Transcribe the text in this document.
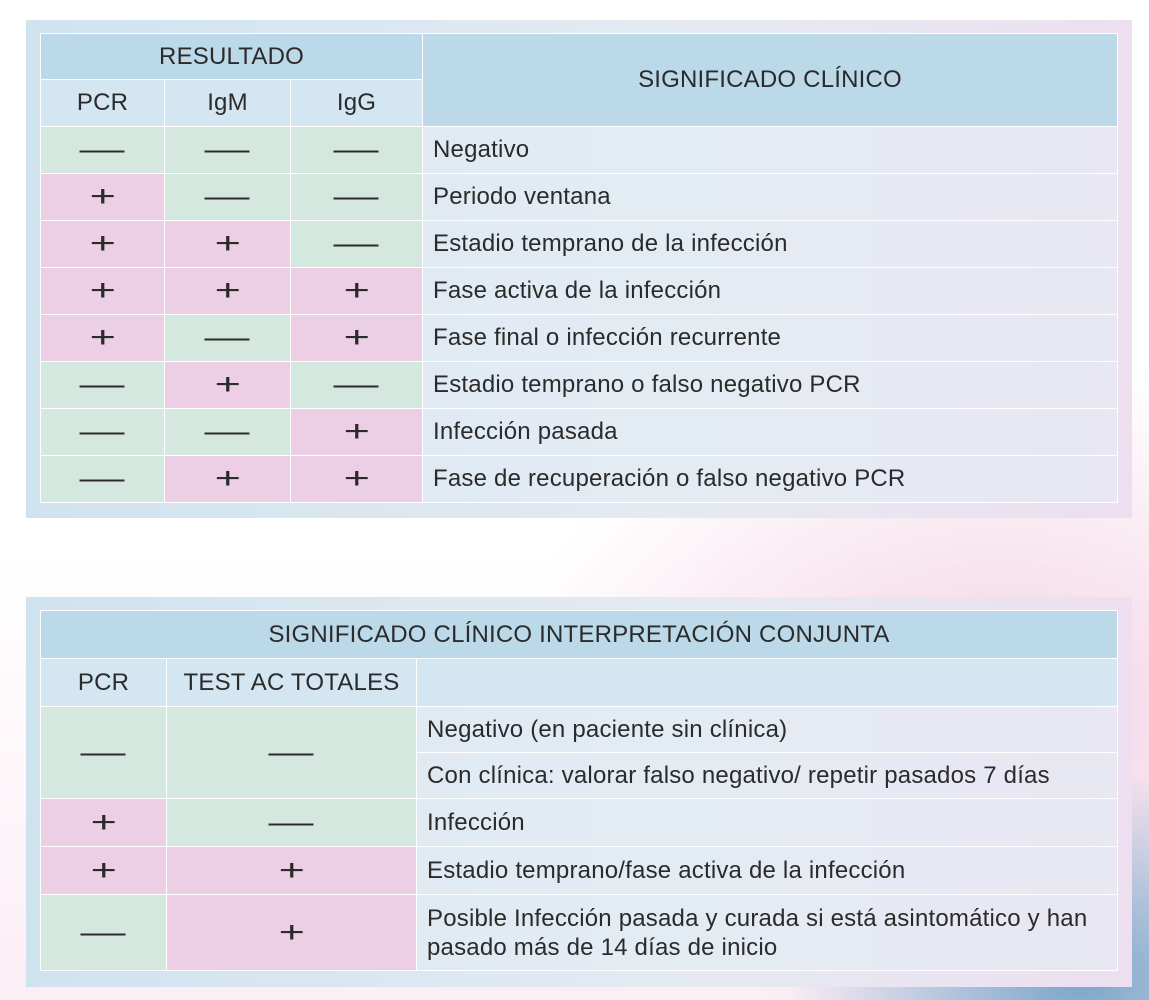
RESULTADO			SIGNIFICADO CLÍNICO
PCR	IgM	IgG	
—	—	—	Negativo
+	—	—	Periodo ventana
+	+	—	Estadio temprano de la infección
+	+	+	Fase activa de la infección
+	—	+	Fase final o infección recurrente
—	+	—	Estadio temprano o falso negativo PCR
—	—	+	Infección pasada
—	+	+	Fase de recuperación o falso negativo PCR
SIGNIFICADO CLÍNICO INTERPRETACIÓN CONJUNTA		
PCR	TEST AC TOTALES	
—	—	Negativo (en paciente sin clínica)
		Con clínica: valorar falso negativo/ repetir pasados 7 días
+	—	Infección
+	+	Estadio temprano/fase activa de la infección
—	+	Posible Infección pasada y curada si está asintomático y han pasado más de 14 días de inicio
